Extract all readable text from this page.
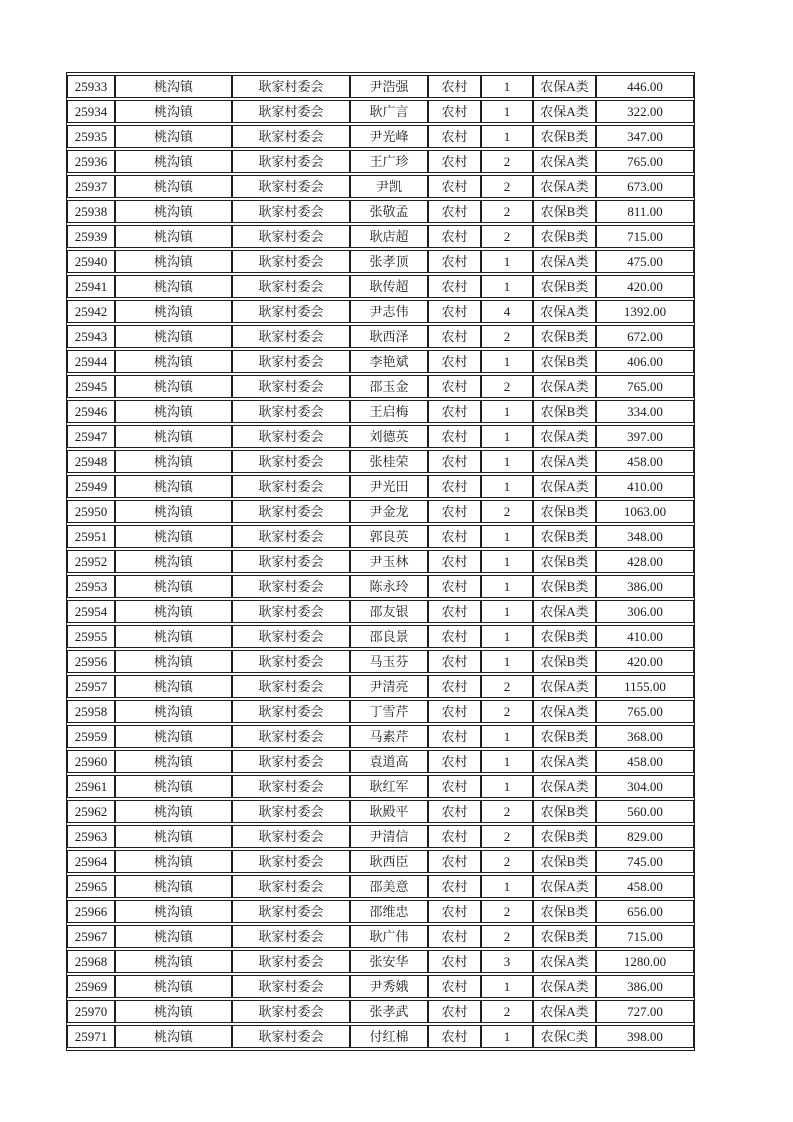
25933	桃沟镇	耿家村委会	尹浩强	农村	1	农保A类	446.00
25934	桃沟镇	耿家村委会	耿广言	农村	1	农保A类	322.00
25935	桃沟镇	耿家村委会	尹光峰	农村	1	农保B类	347.00
25936	桃沟镇	耿家村委会	王广珍	农村	2	农保A类	765.00
25937	桃沟镇	耿家村委会	尹凯	农村	2	农保A类	673.00
25938	桃沟镇	耿家村委会	张敬孟	农村	2	农保B类	811.00
25939	桃沟镇	耿家村委会	耿店超	农村	2	农保B类	715.00
25940	桃沟镇	耿家村委会	张孝顶	农村	1	农保A类	475.00
25941	桃沟镇	耿家村委会	耿传超	农村	1	农保B类	420.00
25942	桃沟镇	耿家村委会	尹志伟	农村	4	农保A类	1392.00
25943	桃沟镇	耿家村委会	耿西泽	农村	2	农保B类	672.00
25944	桃沟镇	耿家村委会	李艳斌	农村	1	农保B类	406.00
25945	桃沟镇	耿家村委会	邵玉金	农村	2	农保A类	765.00
25946	桃沟镇	耿家村委会	王启梅	农村	1	农保B类	334.00
25947	桃沟镇	耿家村委会	刘德英	农村	1	农保A类	397.00
25948	桃沟镇	耿家村委会	张桂荣	农村	1	农保A类	458.00
25949	桃沟镇	耿家村委会	尹光田	农村	1	农保A类	410.00
25950	桃沟镇	耿家村委会	尹金龙	农村	2	农保B类	1063.00
25951	桃沟镇	耿家村委会	郭良英	农村	1	农保B类	348.00
25952	桃沟镇	耿家村委会	尹玉林	农村	1	农保B类	428.00
25953	桃沟镇	耿家村委会	陈永玲	农村	1	农保B类	386.00
25954	桃沟镇	耿家村委会	邵友银	农村	1	农保A类	306.00
25955	桃沟镇	耿家村委会	邵良景	农村	1	农保B类	410.00
25956	桃沟镇	耿家村委会	马玉芬	农村	1	农保B类	420.00
25957	桃沟镇	耿家村委会	尹清亮	农村	2	农保A类	1155.00
25958	桃沟镇	耿家村委会	丁雪芹	农村	2	农保A类	765.00
25959	桃沟镇	耿家村委会	马素芹	农村	1	农保B类	368.00
25960	桃沟镇	耿家村委会	袁道高	农村	1	农保A类	458.00
25961	桃沟镇	耿家村委会	耿红军	农村	1	农保A类	304.00
25962	桃沟镇	耿家村委会	耿殿平	农村	2	农保B类	560.00
25963	桃沟镇	耿家村委会	尹清信	农村	2	农保B类	829.00
25964	桃沟镇	耿家村委会	耿西臣	农村	2	农保B类	745.00
25965	桃沟镇	耿家村委会	邵美意	农村	1	农保A类	458.00
25966	桃沟镇	耿家村委会	邵维忠	农村	2	农保B类	656.00
25967	桃沟镇	耿家村委会	耿广伟	农村	2	农保B类	715.00
25968	桃沟镇	耿家村委会	张安华	农村	3	农保A类	1280.00
25969	桃沟镇	耿家村委会	尹秀娥	农村	1	农保A类	386.00
25970	桃沟镇	耿家村委会	张孝武	农村	2	农保A类	727.00
25971	桃沟镇	耿家村委会	付红棉	农村	1	农保C类	398.00
